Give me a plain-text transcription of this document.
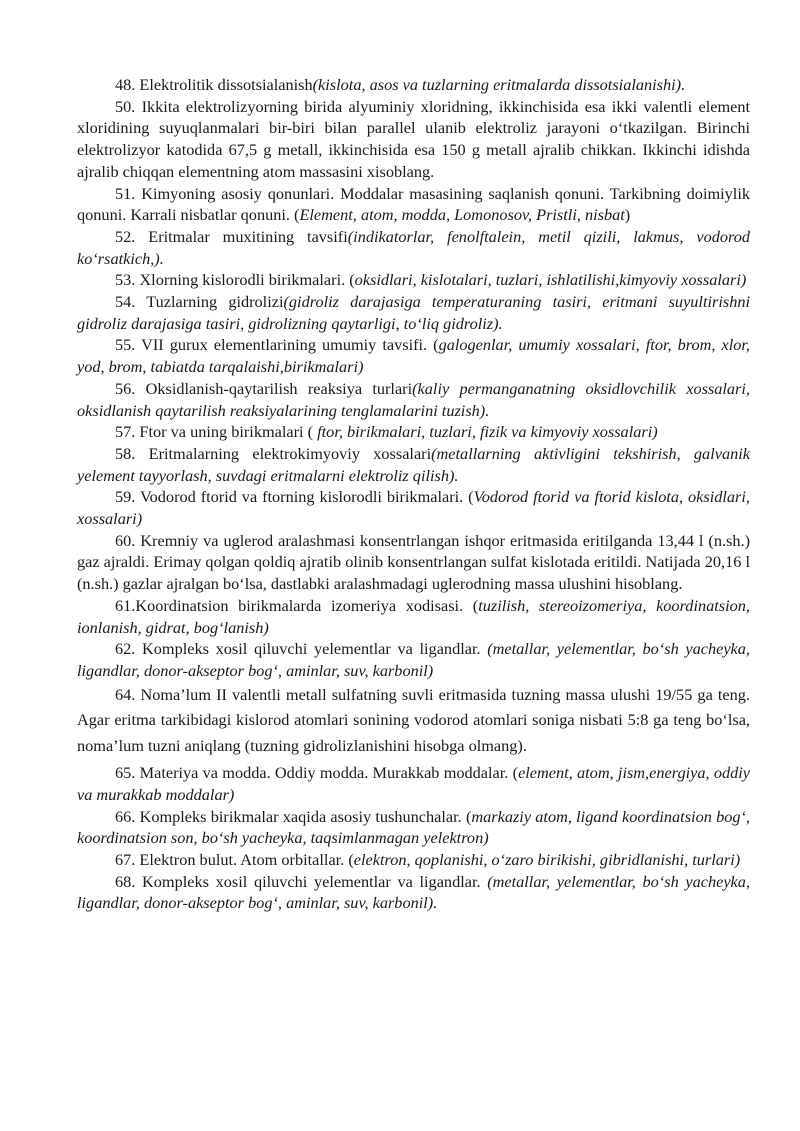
48. Elektrolitik dissotsialanish(kislota, asos va tuzlarning eritmalarda dissotsialanishi).

50. Ikkita elektrolizyorning birida alyuminiy xloridning, ikkinchisida esa ikki valentli element xloridining suyuqlanmalari bir-biri bilan parallel ulanib elektroliz jarayoni o‘tkazilgan. Birinchi elektrolizyor katodida 67,5 g metall, ikkinchisida esa 150 g metall ajralib chikkan. Ikkinchi idishda ajralib chiqqan elementning atom massasini xisoblang.

51. Kimyoning asosiy qonunlari. Moddalar masasining saqlanish qonuni. Tarkibning doimiylik qonuni. Karrali nisbatlar qonuni. (Element, atom, modda, Lomonosov, Pristli, nisbat)

52. Eritmalar muxitining tavsifi(indikatorlar, fenolftalein, metil qizili, lakmus, vodorod ko‘rsatkich,).

53. Xlorning kislorodli birikmalari. (oksidlari, kislotalari, tuzlari, ishlatilishi,kimyoviy xossalari)

54. Tuzlarning gidrolizi(gidroliz darajasiga temperaturaning tasiri, eritmani suyultirishni gidroliz darajasiga tasiri, gidrolizning qaytarligi, to‘liq gidroliz).

55. VII gurux elementlarining umumiy tavsifi. (galogenlar, umumiy xossalari, ftor, brom, xlor, yod, brom, tabiatda tarqalaishi,birikmalari)

56. Oksidlanish-qaytarilish reaksiya turlari(kaliy permanganatning oksidlovchilik xossalari, oksidlanish qaytarilish reaksiyalarining tenglamalarini tuzish).

57. Ftor va uning birikmalari ( ftor, birikmalari, tuzlari, fizik va kimyoviy xossalari)

58. Eritmalarning elektrokimyoviy xossalari(metallarning aktivligini tekshirish, galvanik yelement tayyorlash, suvdagi eritmalarni elektroliz qilish).

59. Vodorod ftorid va ftorning kislorodli birikmalari. (Vodorod ftorid va ftorid kislota, oksidlari, xossalari)

60. Kremniy va uglerod aralashmasi konsentrlangan ishqor eritmasida eritilganda 13,44 l (n.sh.) gaz ajraldi. Erimay qolgan qoldiq ajratib olinib konsentrlangan sulfat kislotada eritildi. Natijada 20,16 l (n.sh.) gazlar ajralgan bo‘lsa, dastlabki aralashmadagi uglerodning massa ulushini hisoblang.

61.Koordinatsion birikmalarda izomeriya xodisasi. (tuzilish, stereoizomeriya, koordinatsion, ionlanish, gidrat, bog‘lanish)

62. Kompleks xosil qiluvchi yelementlar va ligandlar. (metallar, yelementlar, bo‘sh yacheyka, ligandlar, donor-akseptor bog‘, aminlar, suv, karbonil)

64. Noma’lum II valentli metall sulfatning suvli eritmasida tuzning massa ulushi 19/55 ga teng. Agar eritma tarkibidagi kislorod atomlari sonining vodorod atomlari soniga nisbati 5:8 ga teng bo‘lsa, noma’lum tuzni aniqlang (tuzning gidrolizlanishini hisobga olmang).

65. Materiya va modda. Oddiy modda. Murakkab moddalar. (element, atom, jism,energiya, oddiy va murakkab moddalar)

66. Kompleks birikmalar xaqida asosiy tushunchalar. (markaziy atom, ligand koordinatsion bog‘, koordinatsion son, bo‘sh yacheyka, taqsimlanmagan yelektron)

67. Elektron bulut. Atom orbitallar. (elektron, qoplanishi, o‘zaro birikishi, gibridlanishi, turlari)

68. Kompleks xosil qiluvchi yelementlar va ligandlar. (metallar, yelementlar, bo‘sh yacheyka, ligandlar, donor-akseptor bog‘, aminlar, suv, karbonil).
